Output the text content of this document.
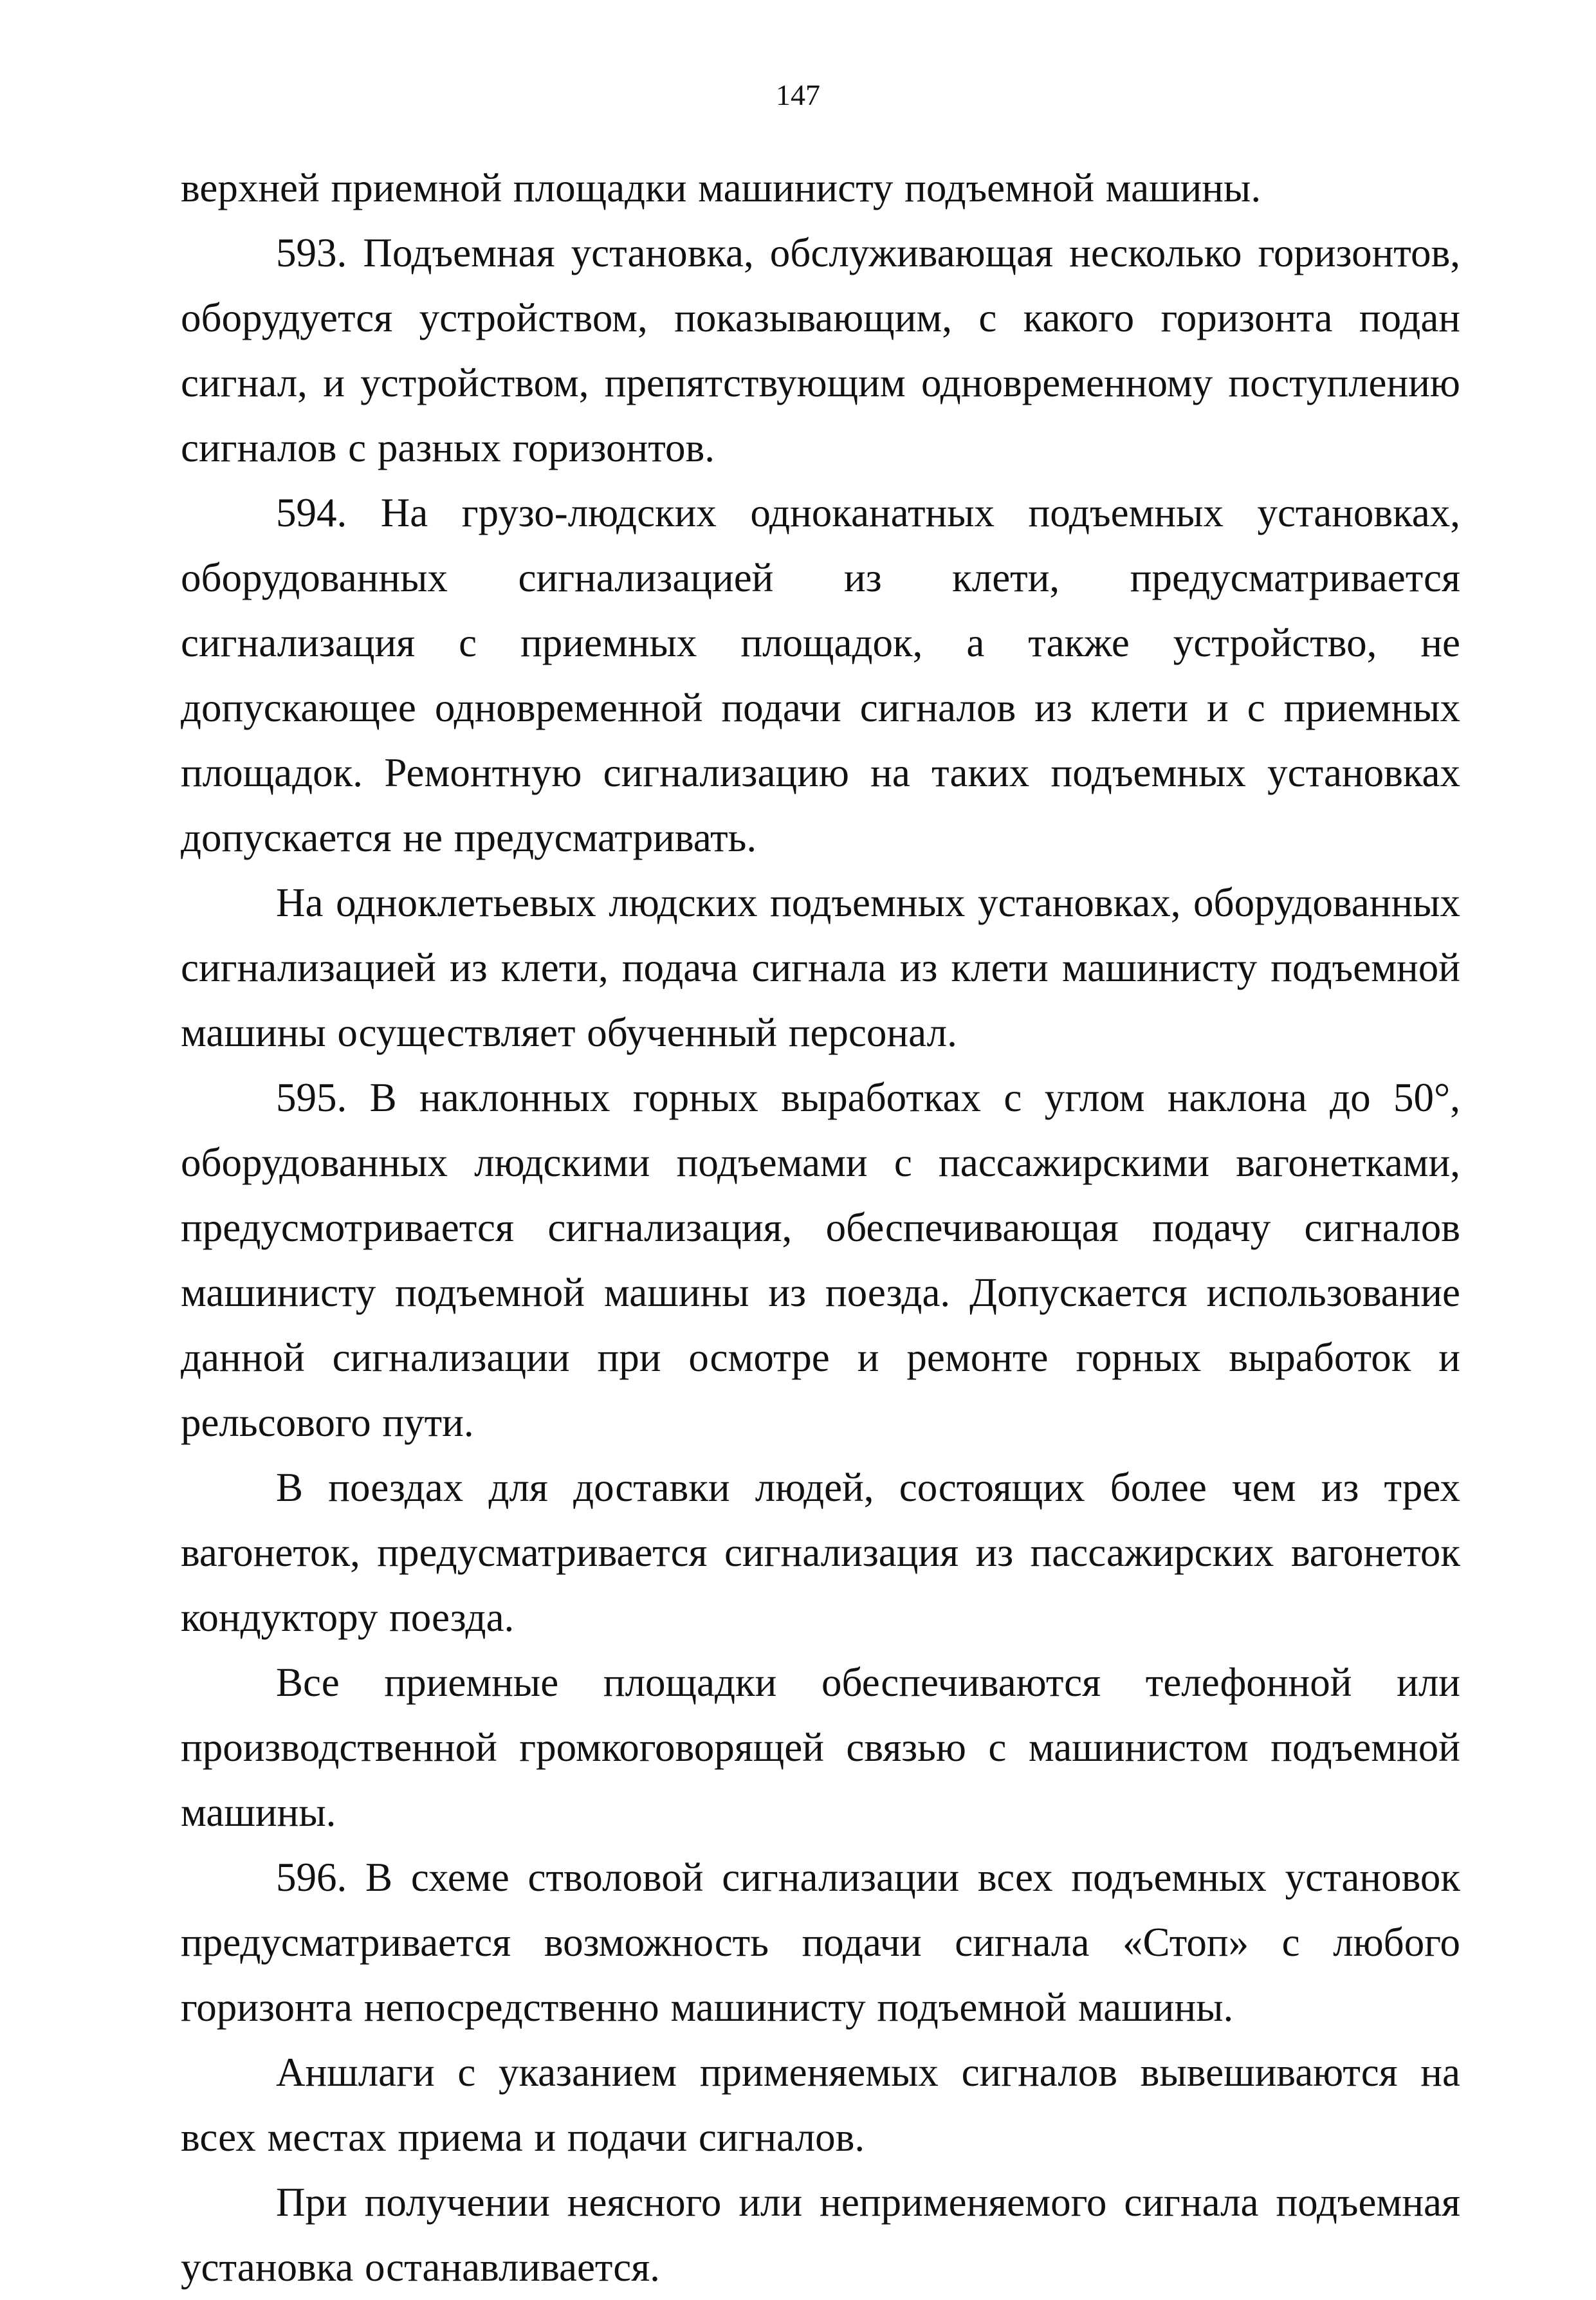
147

верхней приемной площадки машинисту подъемной машины.

593. Подъемная установка, обслуживающая несколько горизонтов, оборудуется устройством, показывающим, с какого горизонта подан сигнал, и устройством, препятствующим одновременному поступлению сигналов с разных горизонтов.

594. На грузо-людских одноканатных подъемных установках, оборудованных сигнализацией из клети, предусматривается сигнализация с приемных площадок, а также устройство, не допускающее одновременной подачи сигналов из клети и с приемных площадок. Ремонтную сигнализацию на таких подъемных установках допускается не предусматривать.

На одноклетьевых людских подъемных установках, оборудованных сигнализацией из клети, подача сигнала из клети машинисту подъемной машины осуществляет обученный персонал.

595. В наклонных горных выработках с углом наклона до 50°, оборудованных людскими подъемами с пассажирскими вагонетками, предусмотривается сигнализация, обеспечивающая подачу сигналов машинисту подъемной машины из поезда. Допускается использование данной сигнализации при осмотре и ремонте горных выработок и рельсового пути.

В поездах для доставки людей, состоящих более чем из трех вагонеток, предусматривается сигнализация из пассажирских вагонеток кондуктору поезда.

Все приемные площадки обеспечиваются телефонной или производственной громкоговорящей связью с машинистом подъемной машины.

596. В схеме стволовой сигнализации всех подъемных установок предусматривается возможность подачи сигнала «Стоп» с любого горизонта непосредственно машинисту подъемной машины.

Аншлаги с указанием применяемых сигналов вывешиваются на всех местах приема и подачи сигналов.

При получении неясного или неприменяемого сигнала подъемная установка останавливается.
